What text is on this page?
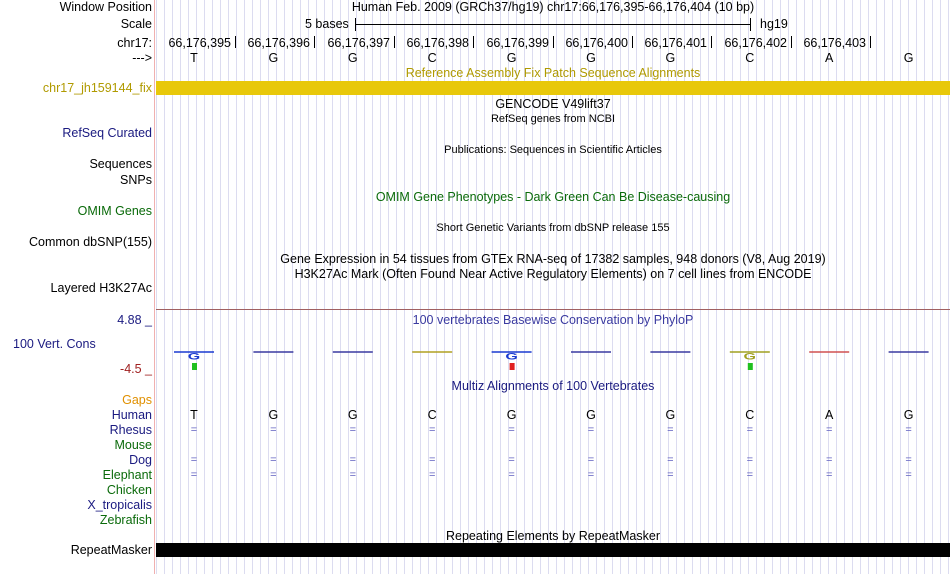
Window Position	Human Feb. 2009 (GRCh37/hg19) chr17:66,176,395-66,176,404 (10 bp)
Scale	5 bases	hg19
chr17:	66,176,395	66,176,396	66,176,397	66,176,398	66,176,399	66,176,400	66,176,401	66,176,402	66,176,403
--->	T	G	G	C	G	G	G	C	A	G
Reference Assembly Fix Patch Sequence Alignments
chr17_jh159144_fix
GENCODE V49lift37
RefSeq genes from NCBI
RefSeq Curated
Publications: Sequences in Scientific Articles
Sequences
SNPs
OMIM Gene Phenotypes - Dark Green Can Be Disease-causing
OMIM Genes
Short Genetic Variants from dbSNP release 155
Common dbSNP(155)
Gene Expression in 54 tissues from GTEx RNA-seq of 17382 samples, 948 donors (V8, Aug 2019)
H3K27Ac Mark (Often Found Near Active Regulatory Elements) on 7 cell lines from ENCODE
Layered H3K27Ac
4.88 _	100 vertebrates Basewise Conservation by PhyloP
100 Vert. Cons
-4.5 _
G	G	G
Multiz Alignments of 100 Vertebrates
Gaps
Human	T	G	G	C	G	G	G	C	A	G
Rhesus	=	=	=	=	=	=	=	=	=	=
Mouse
Dog	=	=	=	=	=	=	=	=	=	=
Elephant	=	=	=	=	=	=	=	=	=	=
Chicken
X_tropicalis
Zebrafish
Repeating Elements by RepeatMasker
RepeatMasker
